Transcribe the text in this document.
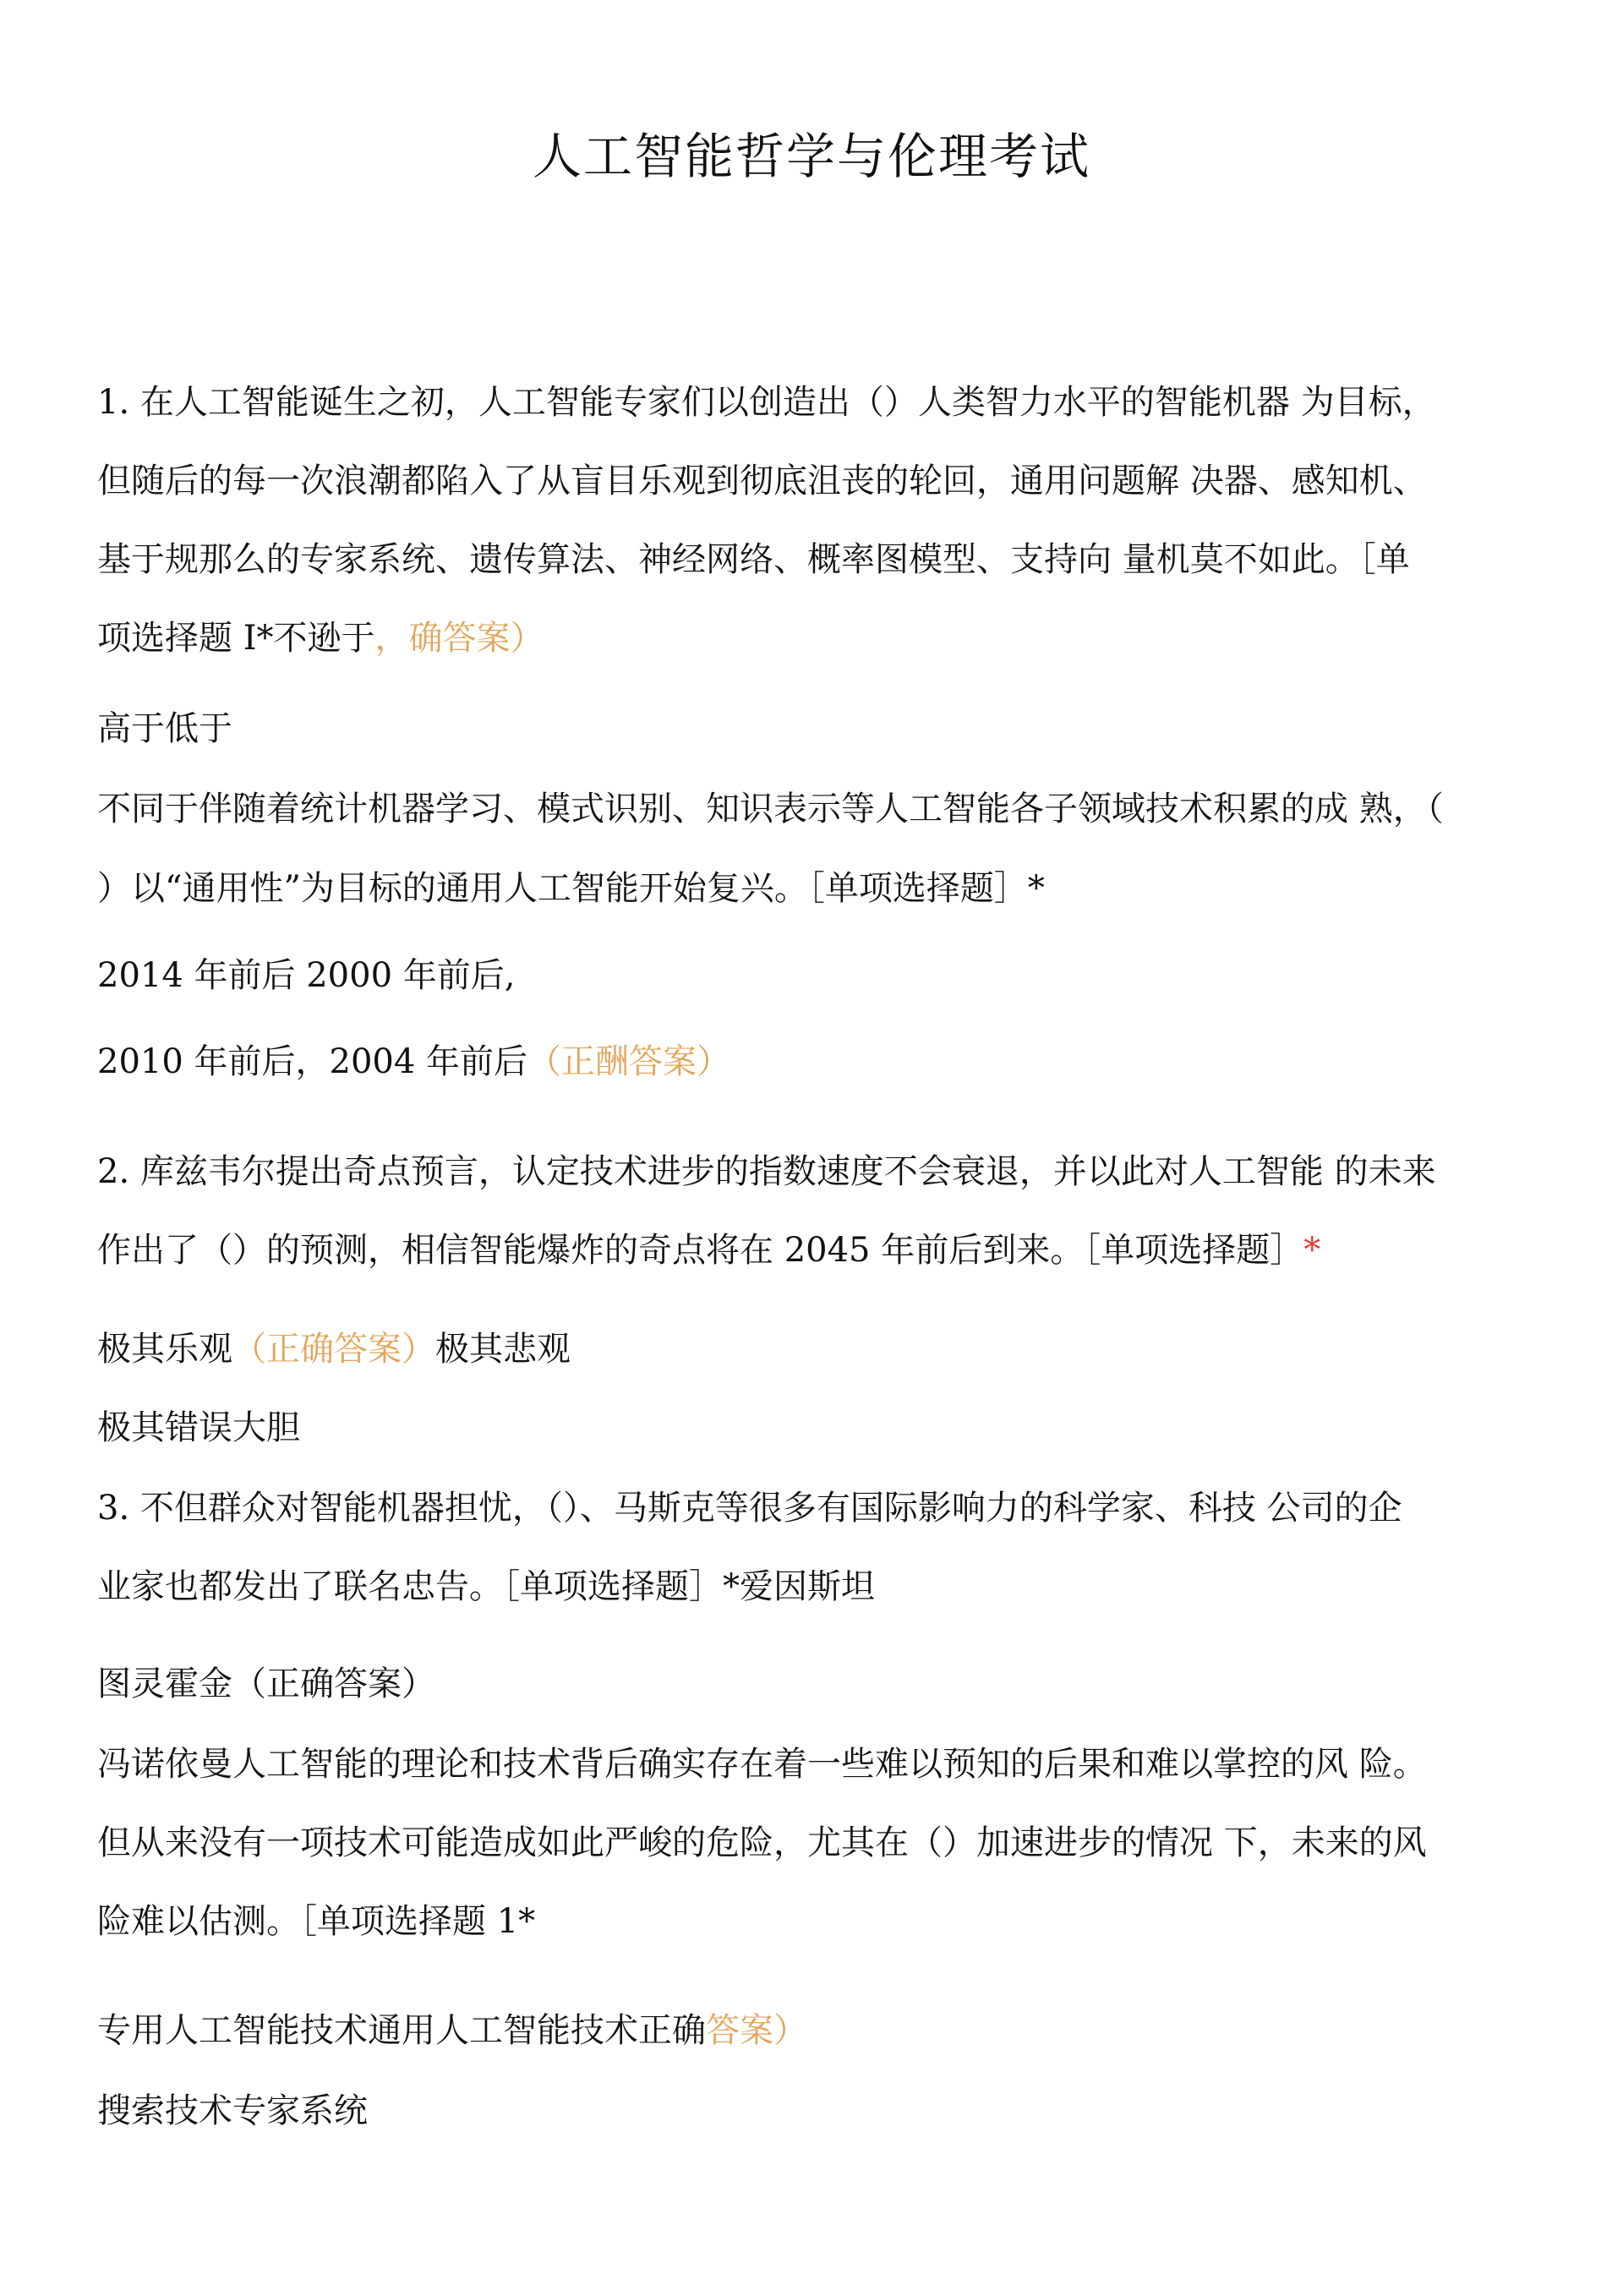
人工智能哲学与伦理考试

1. 在人工智能诞生之初，人工智能专家们以创造出（）人类智力水平的智能机器 为目标，

但随后的每一次浪潮都陷入了从盲目乐观到彻底沮丧的轮回，通用问题解 决器、感知机、

基于规那么的专家系统、遗传算法、神经网络、概率图模型、支持向 量机莫不如此。［单

项选择题 I*不逊于，确答案）

高于低于

不同于伴随着统计机器学习、模式识别、知识表示等人工智能各子领域技术积累的成 熟，（

）以“通用性”为目标的通用人工智能开始复兴。［单项选择题］*

2014 年前后 2000 年前后,

2010 年前后，2004 年前后（正酬答案）

2. 库兹韦尔提出奇点预言，认定技术进步的指数速度不会衰退，并以此对人工智能 的未来

作出了（）的预测，相信智能爆炸的奇点将在 2045 年前后到来。［单项选择题］*

极其乐观（正确答案）极其悲观

极其错误大胆

3. 不但群众对智能机器担忧，（）、马斯克等很多有国际影响力的科学家、科技 公司的企

业家也都发出了联名忠告。［单项选择题］*爱因斯坦

图灵霍金（正确答案）

冯诺依曼人工智能的理论和技术背后确实存在着一些难以预知的后果和难以掌控的风 险。

但从来没有一项技术可能造成如此严峻的危险，尤其在（）加速进步的情况 下，未来的风

险难以估测。［单项选择题 1*

专用人工智能技术通用人工智能技术正确答案）

搜索技术专家系统
